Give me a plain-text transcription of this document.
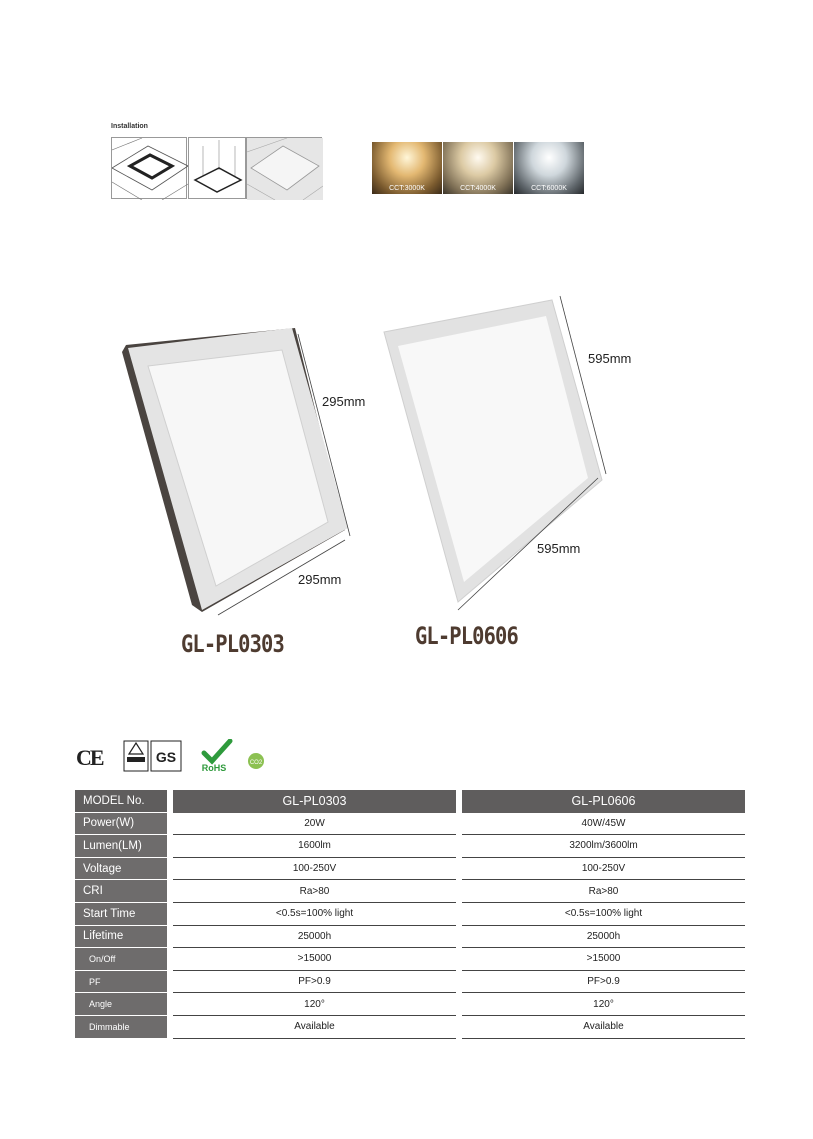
Installation
CCT:3000K	CCT:4000K	CCT:6000K
295mm
295mm
GL-PL0303
595mm
595mm
GL-PL0606
CE	GS
RoHS	CO2
MODEL No.		GL-PL0303		GL-PL0606
Power(W)		20W		40W/45W
Lumen(LM)		1600lm		3200lm/3600lm
Voltage		100-250V		100-250V
CRI		Ra>80		Ra>80
Start Time		<0.5s=100% light		<0.5s=100% light
Lifetime		25000h		25000h
On/Off		>15000		>15000
PF		PF>0.9		PF>0.9
Angle		120°		120°
Dimmable		Available		Available
